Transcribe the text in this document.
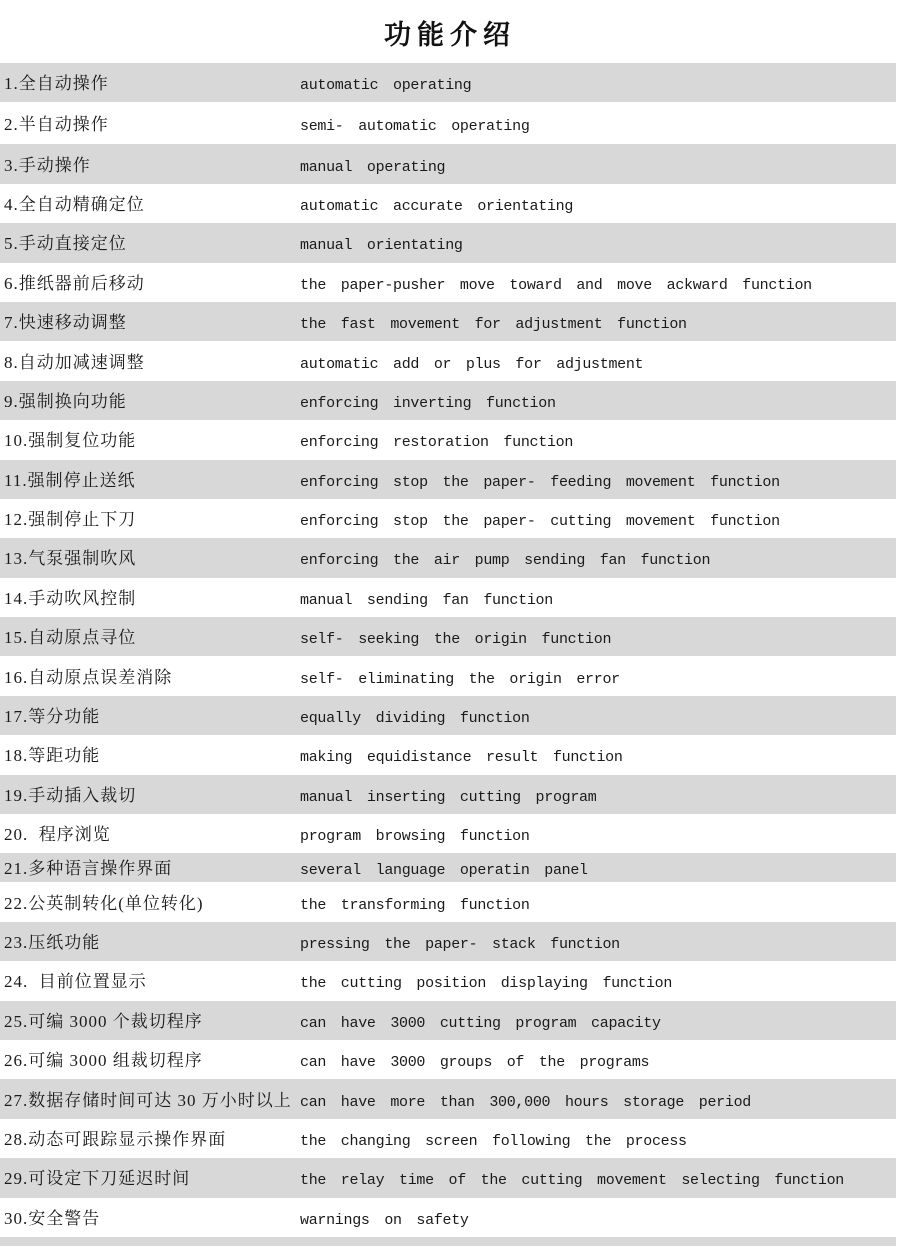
功能介绍
1.全自动操作	automatic operating
2.半自动操作	semi- automatic operating
3.手动操作	manual operating
4.全自动精确定位	automatic accurate orientating
5.手动直接定位	manual orientating
6.推纸器前后移动	the paper-pusher move toward and move ackward function
7.快速移动调整	the fast movement for adjustment function
8.自动加减速调整	automatic add or plus for adjustment
9.强制换向功能	enforcing inverting function
10.强制复位功能	enforcing restoration function
11.强制停止送纸	enforcing stop the paper- feeding movement function
12.强制停止下刀	enforcing stop the paper- cutting movement function
13.气泵强制吹风	enforcing the air pump sending fan function
14.手动吹风控制	manual sending fan function
15.自动原点寻位	self- seeking the origin function
16.自动原点误差消除	self- eliminating the origin error
17.等分功能	equally dividing function
18.等距功能	making equidistance result function
19.手动插入裁切	manual inserting cutting program
20.  程序浏览	program browsing function
21.多种语言操作界面	several language operatin panel
22.公英制转化(单位转化)	the transforming function
23.压纸功能	pressing the paper- stack function
24.  目前位置显示	the cutting position displaying function
25.可编 3000 个裁切程序	can have 3000 cutting program capacity
26.可编 3000 组裁切程序	can have 3000 groups of the programs
27.数据存储时间可达 30 万小时以上 can have more than 300,000 hours storage period
28.动态可跟踪显示操作界面	the changing screen following the process
29.可设定下刀延迟时间	the relay time of the cutting movement selecting function
30.安全警告	warnings on safety
